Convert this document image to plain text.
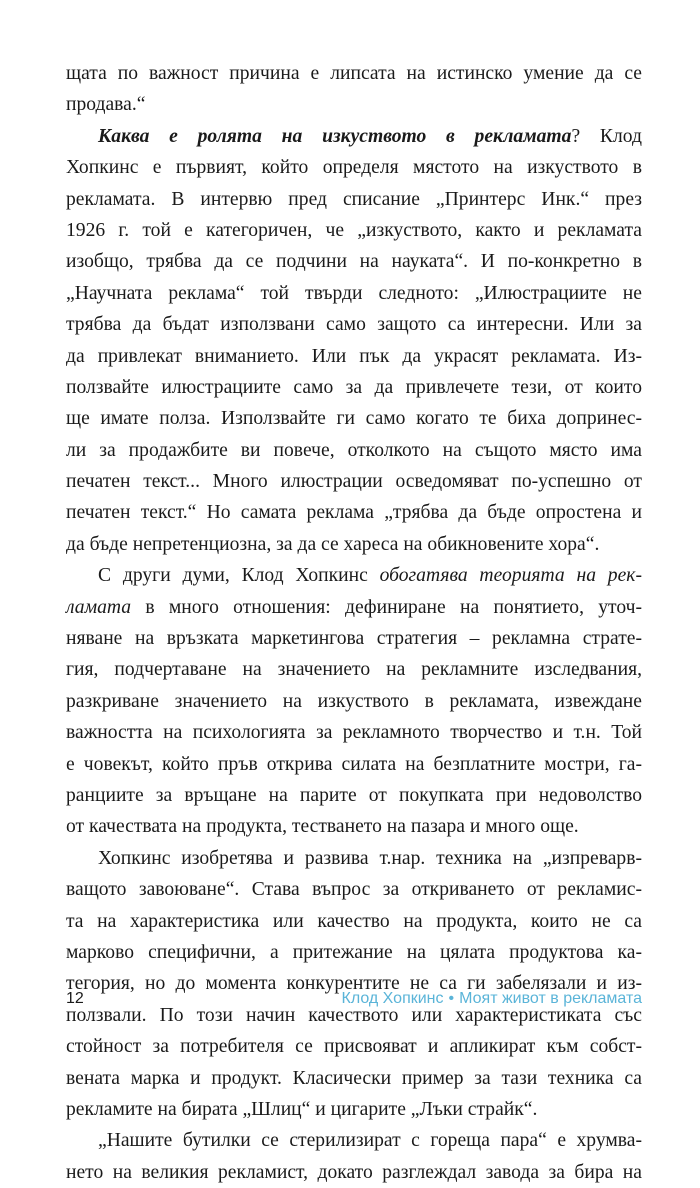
щата по важност причина е липсата на истинско умение да се
продава.“
Каква е ролята на изкуството в рекламата? Клод
Хопкинс е първият, който определя мястото на изкуството в
рекламата. В интервю пред списание „Принтерс Инк.“ през
1926 г. той е категоричен, че „изкуството, както и рекламата
изобщо, трябва да се подчини на науката“. И по-конкретно в
„Научната реклама“ той твърди следното: „Илюстрациите не
трябва да бъдат използвани само защото са интересни. Или за
да привлекат вниманието. Или пък да украсят рекламата. Из-
ползвайте илюстрациите само за да привлечете тези, от които
ще имате полза. Използвайте ги само когато те биха допринес-
ли за продажбите ви повече, отколкото на същото място има
печатен текст... Много илюстрации осведомяват по-успешно от
печатен текст.“ Но самата реклама „трябва да бъде опростена и
да бъде непретенциозна, за да се хареса на обикновените хора“.
С други думи, Клод Хопкинс обогатява теорията на рек-
ламата в много отношения: дефиниране на понятието, уточ-
няване на връзката маркетингова стратегия – рекламна страте-
гия, подчертаване на значението на рекламните изследвания,
разкриване значението на изкуството в рекламата, извеждане
важността на психологията за рекламното творчество и т.н. Той
е човекът, който пръв открива силата на безплатните мостри, га-
ранциите за връщане на парите от покупката при недоволство
от качествата на продукта, тестването на пазара и много още.
Хопкинс изобретява и развива т.нар. техника на „изпреварв-
ващото завоюване“. Става въпрос за откриването от рекламис-
та на характеристика или качество на продукта, които не са
марково специфични, а притежание на цялата продуктова ка-
тегория, но до момента конкурентите не са ги забелязали и из-
ползвали. По този начин качеството или характеристиката със
стойност за потребителя се присвояват и апликират към собст-
вената марка и продукт. Класически пример за тази техника са
рекламите на бирата „Шлиц“ и цигарите „Лъки страйк“.
„Нашите бутилки се стерилизират с гореща пара“ е хрумва-
нето на великия рекламист, докато разглеждал завода за бира на
12	Клод Хопкинс • Моят живот в рекламата
